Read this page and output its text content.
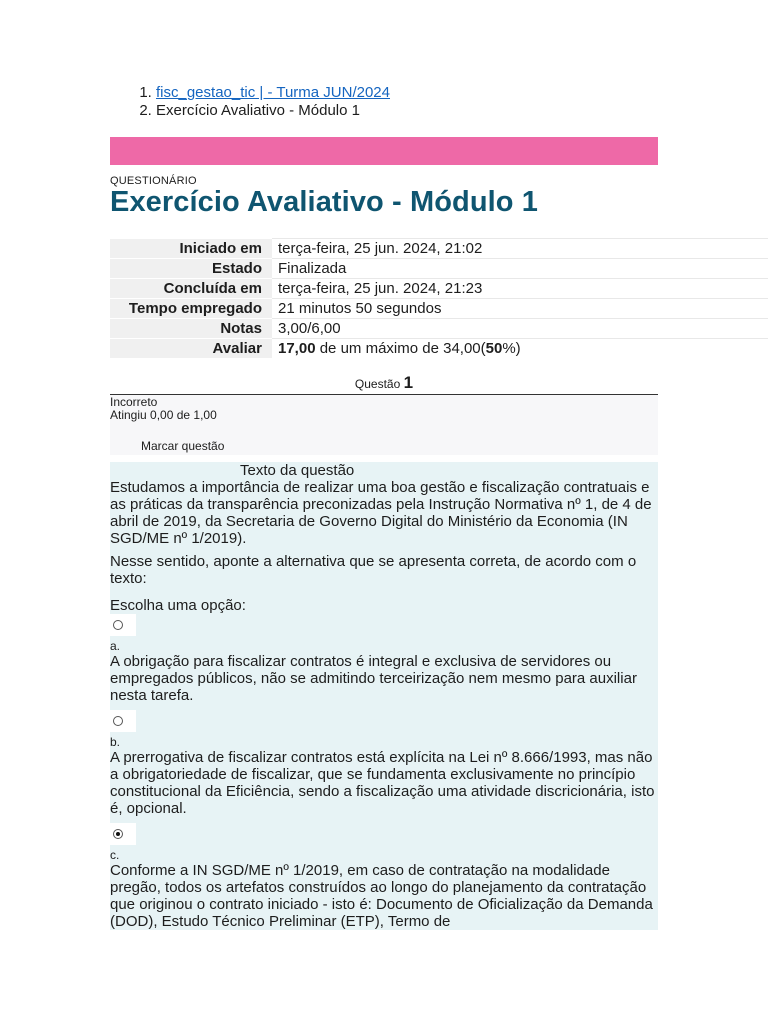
1. fisc_gestao_tic | - Turma JUN/2024
2. Exercício Avaliativo - Módulo 1
QUESTIONÁRIO
Exercício Avaliativo - Módulo 1
Iniciado em	terça-feira, 25 jun. 2024, 21:02
Estado	Finalizada
Concluída em	terça-feira, 25 jun. 2024, 21:23
Tempo empregado	21 minutos 50 segundos
Notas	3,00/6,00
Avaliar	17,00 de um máximo de 34,00(50%)
Questão 1
Incorreto
Atingiu 0,00 de 1,00
Marcar questão
Texto da questão

Estudamos a importância de realizar uma boa gestão e fiscalização contratuais e as práticas da transparência preconizadas pela Instrução Normativa nº 1, de 4 de abril de 2019, da Secretaria de Governo Digital do Ministério da Economia (IN SGD/ME nº 1/2019).

Nesse sentido, aponte a alternativa que se apresenta correta, de acordo com o texto:

Escolha uma opção:

a.

A obrigação para fiscalizar contratos é integral e exclusiva de servidores ou empregados públicos, não se admitindo terceirização nem mesmo para auxiliar nesta tarefa.

b.

A prerrogativa de fiscalizar contratos está explícita na Lei nº 8.666/1993, mas não a obrigatoriedade de fiscalizar, que se fundamenta exclusivamente no princípio constitucional da Eficiência, sendo a fiscalização uma atividade discricionária, isto é, opcional.

c.

Conforme a IN SGD/ME nº 1/2019, em caso de contratação na modalidade pregão, todos os artefatos construídos ao longo do planejamento da contratação que originou o contrato iniciado - isto é: Documento de Oficialização da Demanda (DOD), Estudo Técnico Preliminar (ETP), Termo de
